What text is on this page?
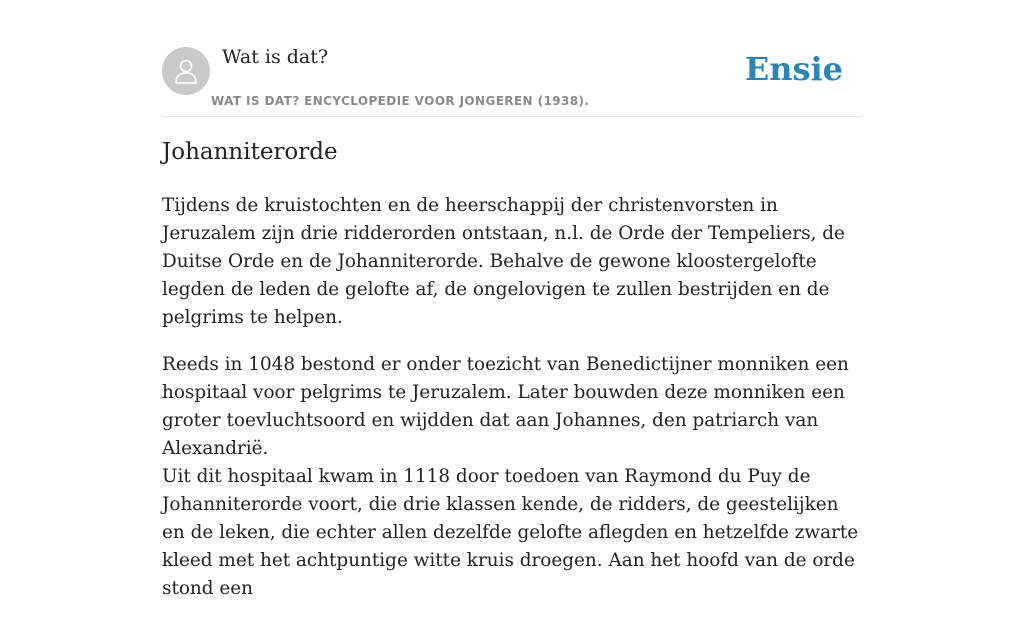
Wat is dat?
WAT IS DAT? ENCYCLOPEDIE VOOR JONGEREN (1938).
Ensie
Johanniterorde

Tijdens de kruistochten en de heerschappij der christenvorsten in Jeruzalem zijn drie ridderorden ontstaan, n.l. de Orde der Tempeliers, de Duitse Orde en de Johanniterorde. Behalve de gewone kloostergelofte legden de leden de gelofte af, de ongelovigen te zullen bestrijden en de pelgrims te helpen.

Reeds in 1048 bestond er onder toezicht van Benedictijner monniken een hospitaal voor pelgrims te Jeruzalem. Later bouwden deze monniken een groter toevluchtsoord en wijdden dat aan Johannes, den patriarch van Alexandrië.
Uit dit hospitaal kwam in 1118 door toedoen van Raymond du Puy de Johanniterorde voort, die drie klassen kende, de ridders, de geestelijken en de leken, die echter allen dezelfde gelofte aflegden en hetzelfde zwarte kleed met het achtpuntige witte kruis droegen. Aan het hoofd van de orde stond een
